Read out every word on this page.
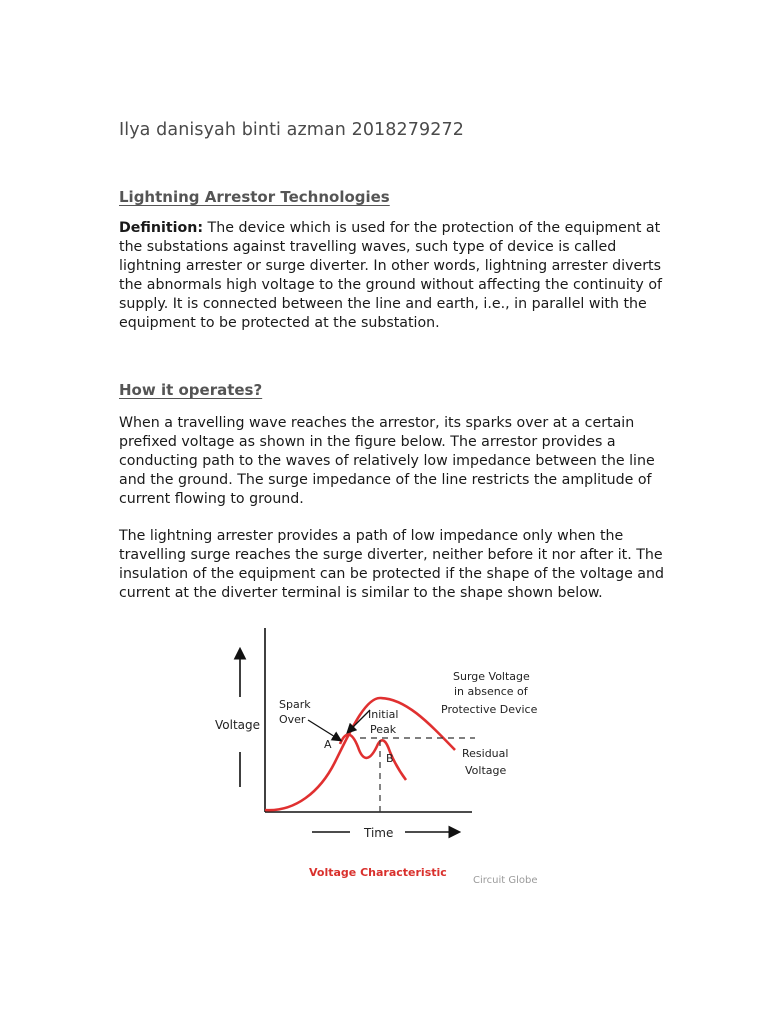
Ilya danisyah binti azman 2018279272
Lightning Arrestor Technologies
Definition: The device which is used for the protection of the equipment at the substations against travelling waves, such type of device is called lightning arrester or surge diverter. In other words, lightning arrester diverts the abnormals high voltage to the ground without affecting the continuity of supply. It is connected between the line and earth, i.e., in parallel with the equipment to be protected at the substation.
How it operates?
When a travelling wave reaches the arrestor, its sparks over at a certain prefixed voltage as shown in the figure below. The arrestor provides a conducting path to the waves of relatively low impedance between the line and the ground. The surge impedance of the line restricts the amplitude of current flowing to ground.
The lightning arrester provides a path of low impedance only when the travelling surge reaches the surge diverter, neither before it nor after it. The insulation of the equipment can be protected if the shape of the voltage and current at the diverter terminal is similar to the shape shown below.
Voltage
Time
Spark
Over	Initial
Peak
A
B
Surge Voltage
in absence of
Protective Device
Residual
Voltage
Voltage Characteristic
Circuit Globe
